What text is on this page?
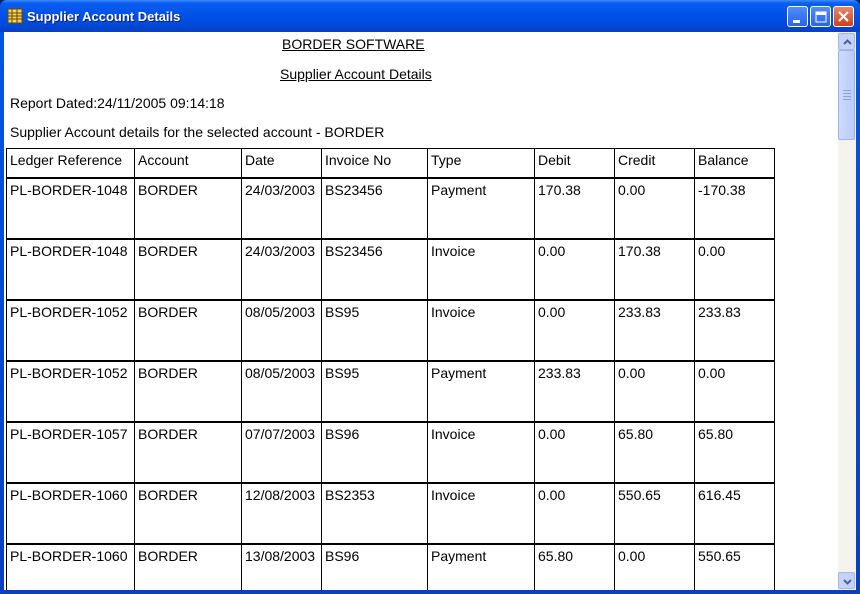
Supplier Account Details
BORDER SOFTWARE
Supplier Account Details
Report Dated:24/11/2005 09:14:18
Supplier Account details for the selected account - BORDER
Ledger Reference	Account	Date	Invoice No	Type	Debit	Credit	Balance
PL-BORDER-1048	BORDER	24/03/2003	BS23456	Payment	170.38	0.00	-170.38
PL-BORDER-1048	BORDER	24/03/2003	BS23456	Invoice	0.00	170.38	0.00
PL-BORDER-1052	BORDER	08/05/2003	BS95	Invoice	0.00	233.83	233.83
PL-BORDER-1052	BORDER	08/05/2003	BS95	Payment	233.83	0.00	0.00
PL-BORDER-1057	BORDER	07/07/2003	BS96	Invoice	0.00	65.80	65.80
PL-BORDER-1060	BORDER	12/08/2003	BS2353	Invoice	0.00	550.65	616.45
PL-BORDER-1060	BORDER	13/08/2003	BS96	Payment	65.80	0.00	550.65
